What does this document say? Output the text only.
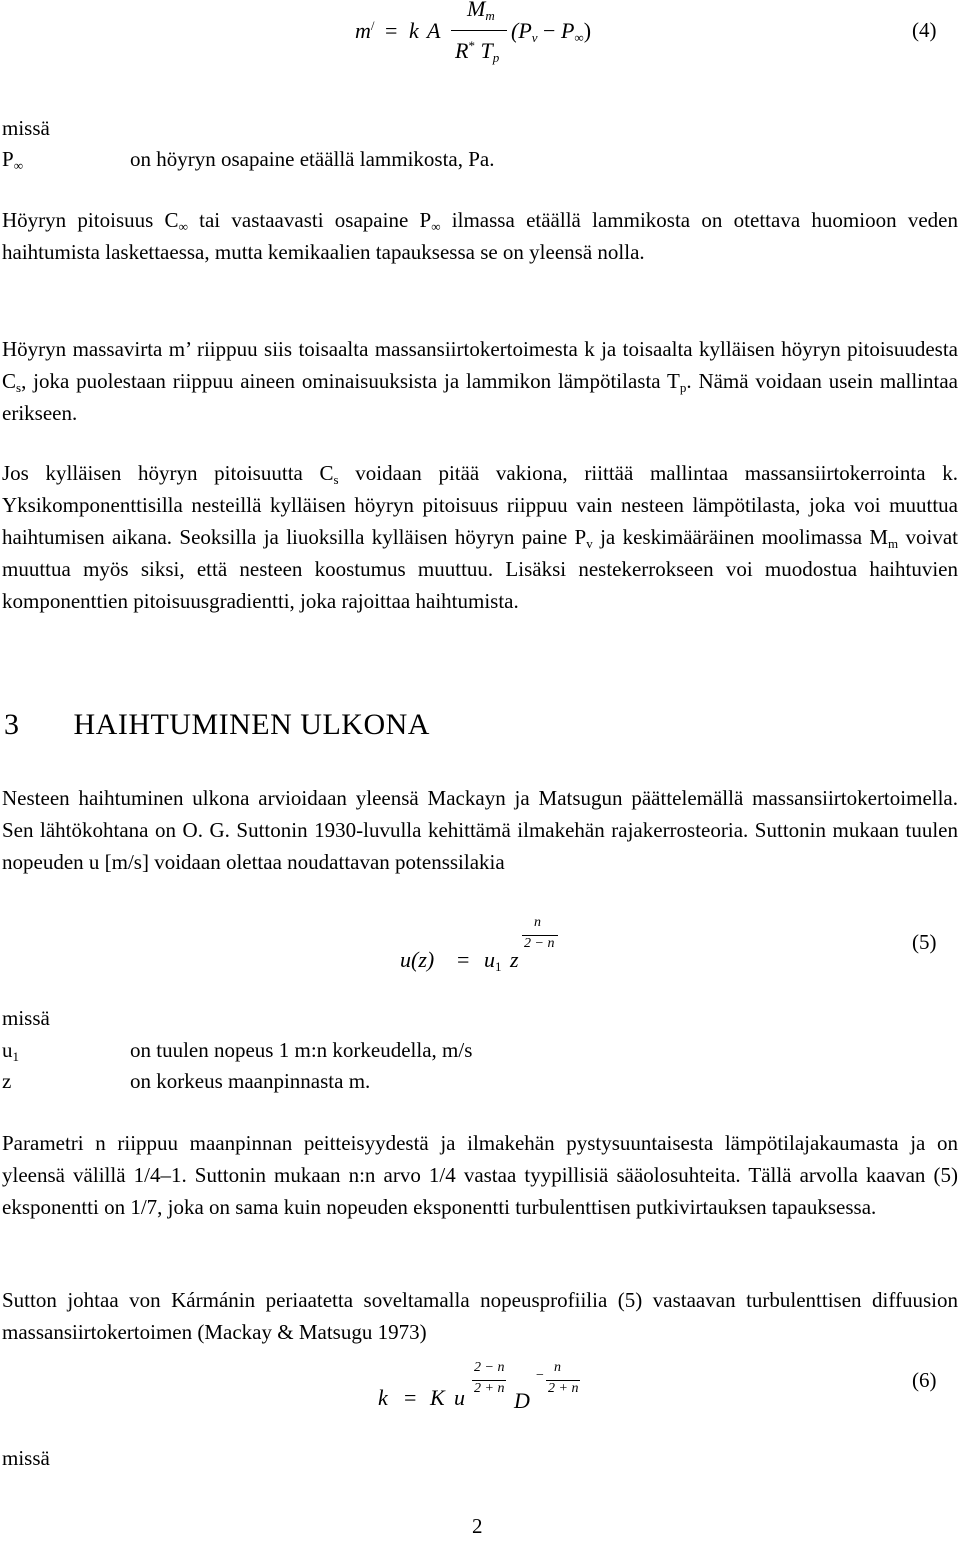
m/ = k A
$M_m$
R* $T_p$
$(P_v - P_\infty)$	(4)
missä
$P_\infty$	on höyryn osapaine etäällä lammikosta, Pa.
Höyryn pitoisuus $C_\infty$ tai vastaavasti osapaine $P_\infty$ ilmassa etäällä lammikosta on otettava huomioon veden haihtumista laskettaessa, mutta kemikaalien tapauksessa se on yleensä nolla.
Höyryn massavirta m’ riippuu siis toisaalta massansiirtokertoimesta k ja toisaalta kylläisen höyryn pitoisuudesta $C_s$, joka puolestaan riippuu aineen ominaisuuksista ja lammikon lämpötilasta $T_p$. Nämä voidaan usein mallintaa erikseen.
Jos kylläisen höyryn pitoisuutta $C_s$ voidaan pitää vakiona, riittää mallintaa massansiirtokerrointa k. Yksikomponenttisilla nesteillä kylläisen höyryn pitoisuus riippuu vain nesteen lämpötilasta, joka voi muuttua haihtumisen aikana. Seoksilla ja liuoksilla kylläisen höyryn paine $P_v$ ja keskimääräinen moolimassa $M_m$ voivat muuttua myös siksi, että nesteen koostumus muuttuu. Lisäksi nestekerrokseen voi muodostua haihtuvien komponenttien pitoisuusgradientti, joka rajoittaa haihtumista.
3 HAIHTUMINEN ULKONA
Nesteen haihtuminen ulkona arvioidaan yleensä Mackayn ja Matsugun päättelemällä massansiirtokertoimella. Sen lähtökohtana on O. G. Suttonin 1930-luvulla kehittämä ilmakehän rajakerrosteoria. Suttonin mukaan tuulen nopeuden u [m/s] voidaan olettaa noudattavan potenssilakia
$u(z) = u_1$ z
n
2 − n	(5)
missä
$u_1$	on tuulen nopeus 1 m:n korkeudella, m/s
z	on korkeus maanpinnasta m.
Parametri n riippuu maanpinnan peitteisyydestä ja ilmakehän pystysuuntaisesta lämpötilajakaumasta ja on yleensä välillä 1/4–1. Suttonin mukaan n:n arvo 1/4 vastaa tyypillisiä sääolosuhteita. Tällä arvolla kaavan (5) eksponentti on 1/7, joka on sama kuin nopeuden eksponentti turbulenttisen putkivirtauksen tapauksessa.
Sutton johtaa von Kármánin periaatetta soveltamalla nopeusprofiilia (5) vastaavan turbulenttisen diffuusion massansiirtokertoimen (Mackay & Matsugu 1973)
k = K u
2 − n
2 + n D
−
n
2 + n	(6)
missä
2
